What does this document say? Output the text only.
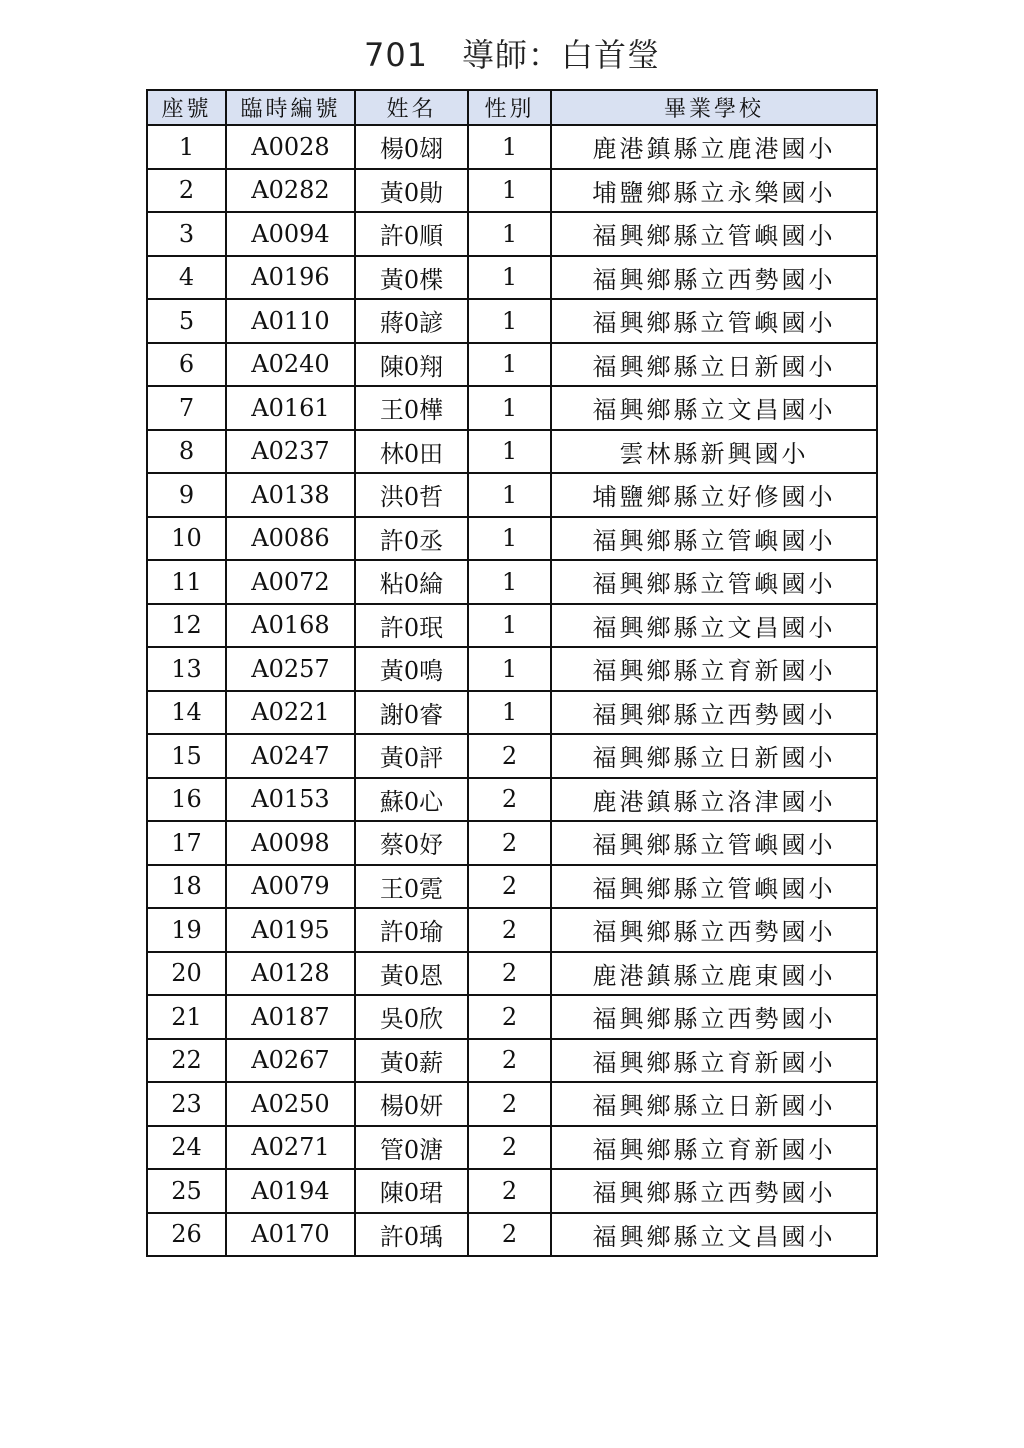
701 導師：白首瑩
座號	臨時編號	姓名	性別	畢業學校
1	A0028	楊0翃	1	鹿港鎮縣立鹿港國小
2	A0282	黃0勛	1	埔鹽鄉縣立永樂國小
3	A0094	許0順	1	福興鄉縣立管嶼國小
4	A0196	黃0楪	1	福興鄉縣立西勢國小
5	A0110	蔣0諺	1	福興鄉縣立管嶼國小
6	A0240	陳0翔	1	福興鄉縣立日新國小
7	A0161	王0樺	1	福興鄉縣立文昌國小
8	A0237	林0田	1	雲林縣新興國小
9	A0138	洪0哲	1	埔鹽鄉縣立好修國小
10	A0086	許0丞	1	福興鄉縣立管嶼國小
11	A0072	粘0綸	1	福興鄉縣立管嶼國小
12	A0168	許0珉	1	福興鄉縣立文昌國小
13	A0257	黃0鳴	1	福興鄉縣立育新國小
14	A0221	謝0睿	1	福興鄉縣立西勢國小
15	A0247	黃0評	2	福興鄉縣立日新國小
16	A0153	蘇0心	2	鹿港鎮縣立洛津國小
17	A0098	蔡0妤	2	福興鄉縣立管嶼國小
18	A0079	王0霓	2	福興鄉縣立管嶼國小
19	A0195	許0瑜	2	福興鄉縣立西勢國小
20	A0128	黃0恩	2	鹿港鎮縣立鹿東國小
21	A0187	吳0欣	2	福興鄉縣立西勢國小
22	A0267	黃0薪	2	福興鄉縣立育新國小
23	A0250	楊0妍	2	福興鄉縣立日新國小
24	A0271	管0溏	2	福興鄉縣立育新國小
25	A0194	陳0珺	2	福興鄉縣立西勢國小
26	A0170	許0瑀	2	福興鄉縣立文昌國小
